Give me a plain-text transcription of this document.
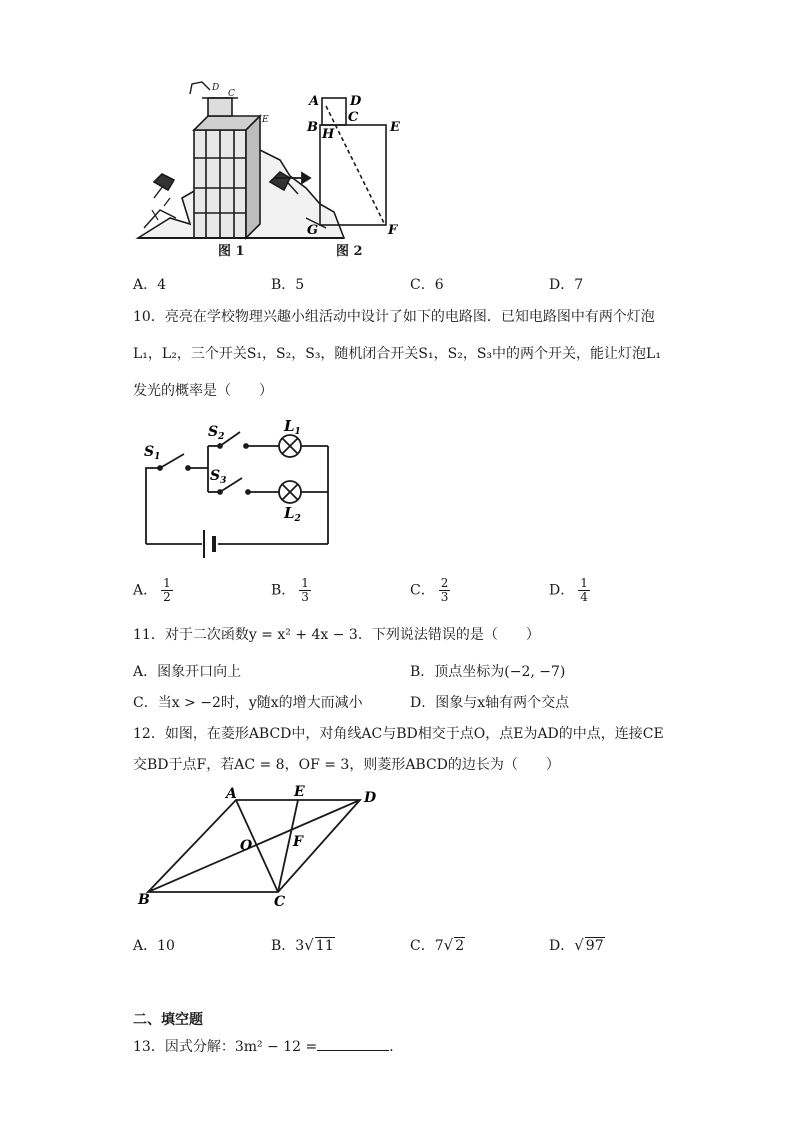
C
D
E
图 1
A D
B H
C
E
G	F
图 2
A．4	B．5	C．6	D．7
10．亮亮在学校物理兴趣小组活动中设计了如下的电路图．已知电路图中有两个灯泡
L₁，L₂，三个开关S₁，S₂，S₃，随机闭合开关S₁，S₂，S₃中的两个开关，能让灯泡L₁
发光的概率是（　　）
$S_1$
$S_2$
$S_3$
$L_1$
$L_2$
A． $\frac{1}{2}$	B． $\frac{1}{3}$	C． $\frac{2}{3}$	D． $\frac{1}{4}$
11．对于二次函数y = x² + 4x − 3．下列说法错误的是（　　）
A．图象开口向上	B．顶点坐标为(−2, −7)
C．当x > −2时，y随x的增大而减小	D．图象与x轴有两个交点
12．如图，在菱形ABCD中，对角线AC与BD相交于点O，点E为AD的中点，连接CE
交BD于点F，若AC = 8，OF = 3，则菱形ABCD的边长为（　　）
A	E	D
O	F
B	C
A．10	B．3√ 11	C．7√ 2	D．√ 97
二、填空题
13．因式分解：3m² − 12 =	．
